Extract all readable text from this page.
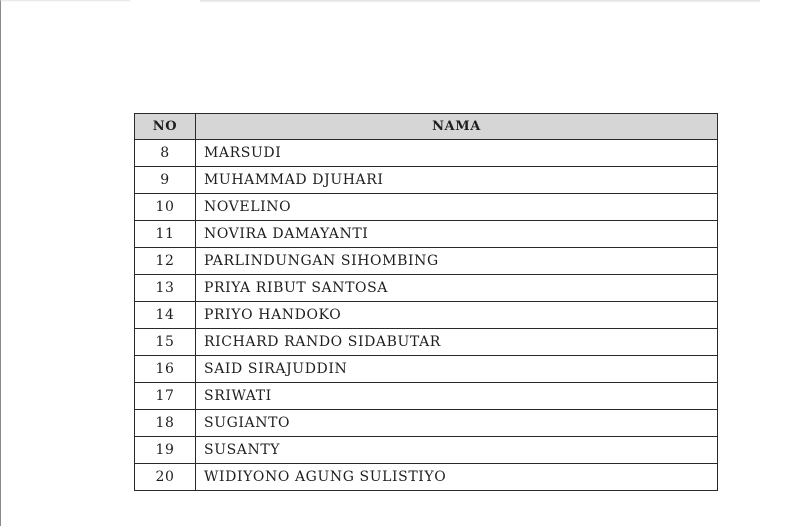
NO	NAMA
8	MARSUDI
9	MUHAMMAD DJUHARI
10	NOVELINO
11	NOVIRA DAMAYANTI
12	PARLINDUNGAN SIHOMBING
13	PRIYA RIBUT SANTOSA
14	PRIYO HANDOKO
15	RICHARD RANDO SIDABUTAR
16	SAID SIRAJUDDIN
17	SRIWATI
18	SUGIANTO
19	SUSANTY
20	WIDIYONO AGUNG SULISTIYO
